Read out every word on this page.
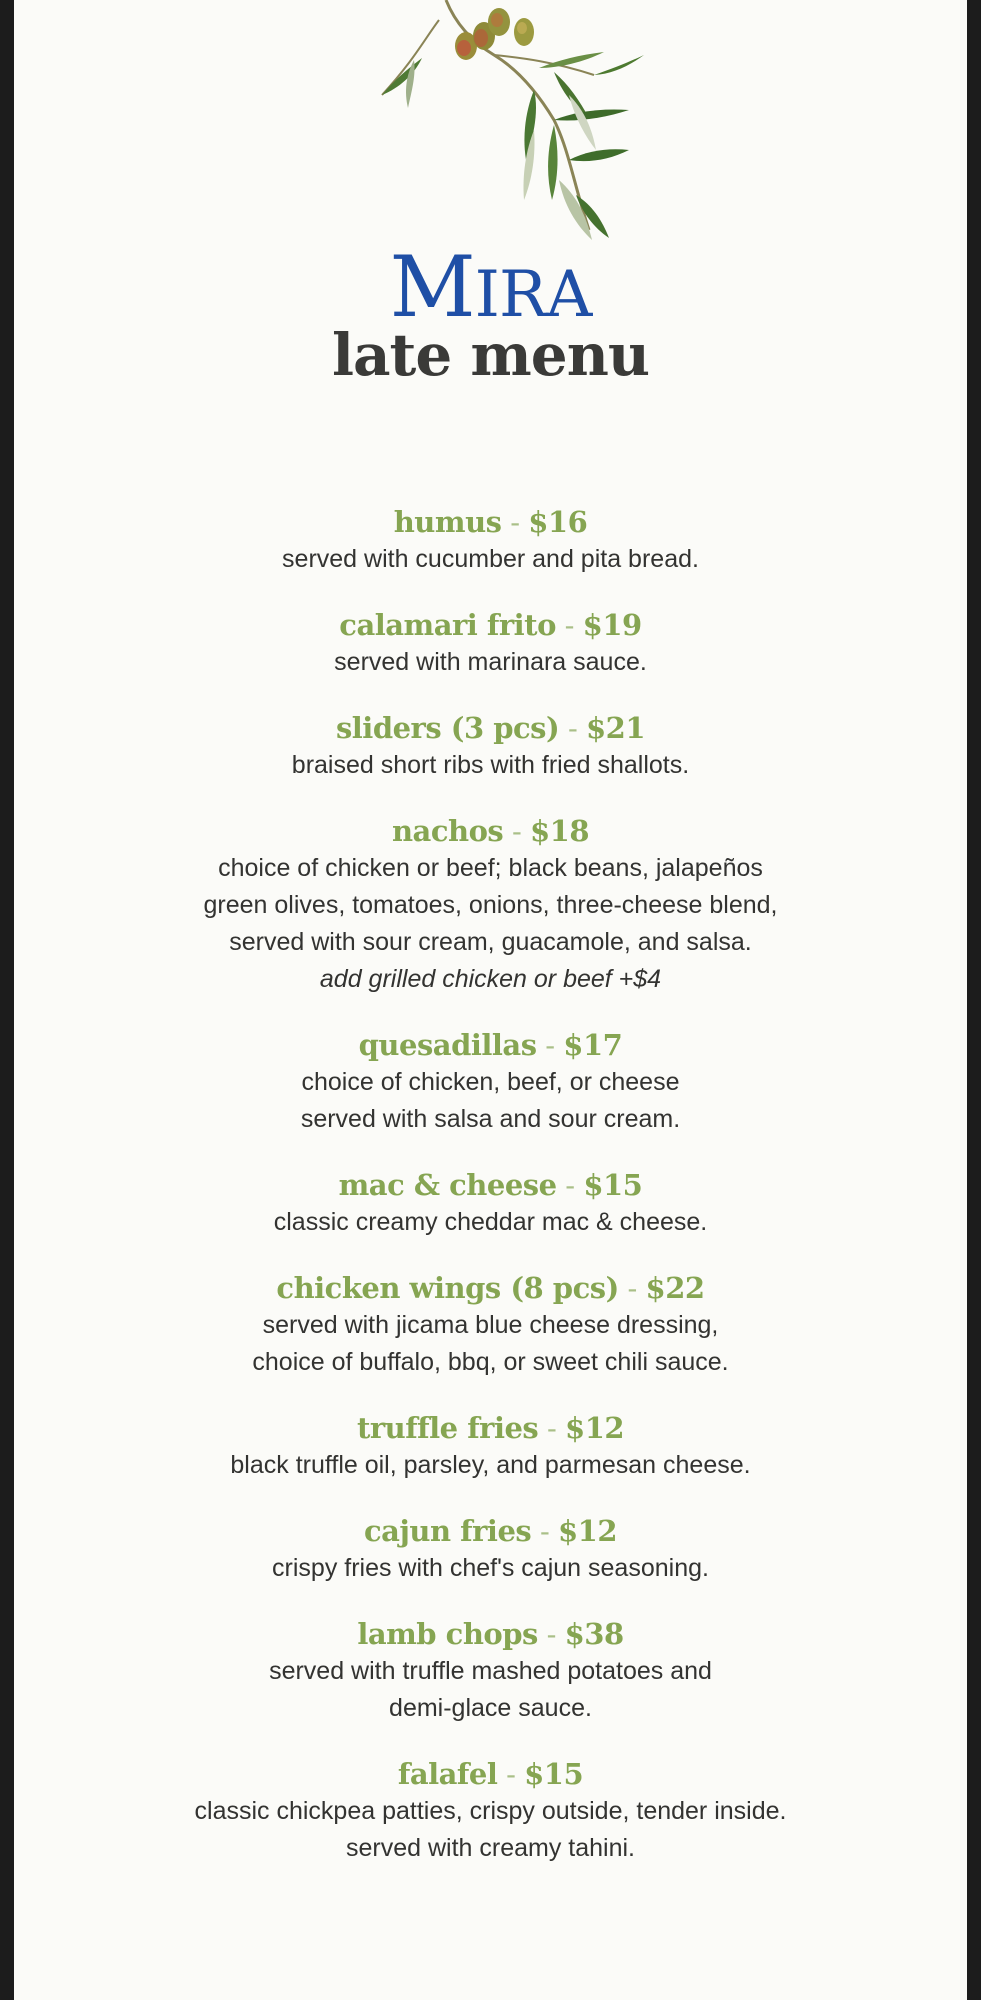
MIRA
late menu
humus - $16
served with cucumber and pita bread.
calamari frito - $19
served with marinara sauce.
sliders (3 pcs) - $21
braised short ribs with fried shallots.
nachos - $18
choice of chicken or beef; black beans, jalapeños
green olives, tomatoes, onions, three-cheese blend,
served with sour cream, guacamole, and salsa.
add grilled chicken or beef +$4
quesadillas - $17
choice of chicken, beef, or cheese
served with salsa and sour cream.
mac & cheese - $15
classic creamy cheddar mac & cheese.
chicken wings (8 pcs) - $22
served with jicama blue cheese dressing,
choice of buffalo, bbq, or sweet chili sauce.
truffle fries - $12
black truffle oil, parsley, and parmesan cheese.
cajun fries - $12
crispy fries with chef's cajun seasoning.
lamb chops - $38
served with truffle mashed potatoes and
demi-glace sauce.
falafel - $15
classic chickpea patties, crispy outside, tender inside.
served with creamy tahini.
